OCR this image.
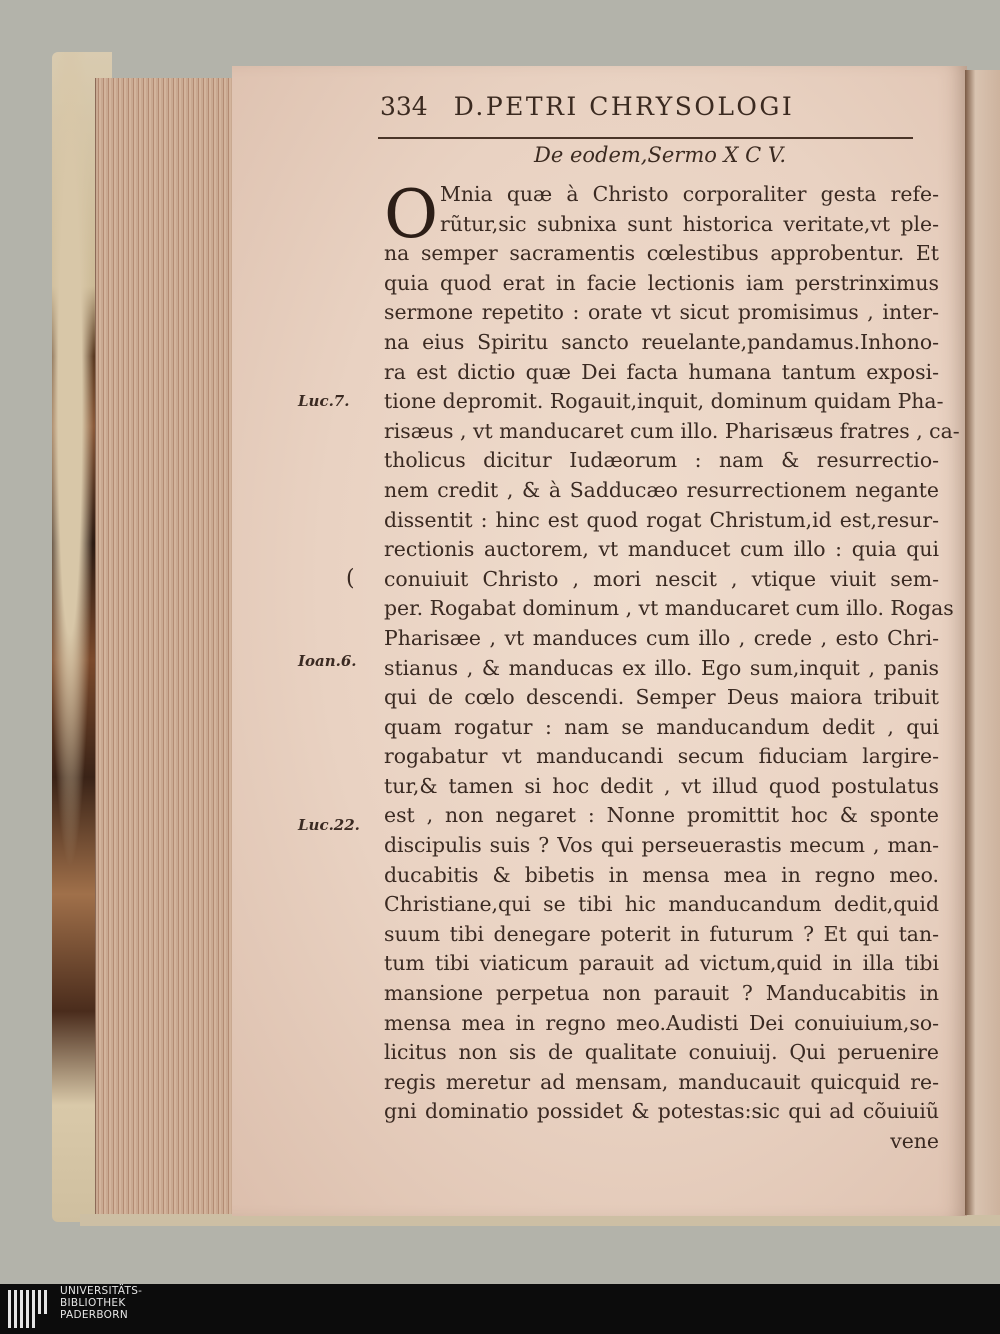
334 D.PETRI CHRYSOLOGI
De eodem,Sermo X C V.
O Mnia quæ à Christo corporaliter gesta refe-
rũtur,sic subnixa sunt historica veritate,vt ple-
na semper sacramentis cœlestibus approbentur. Et
quia quod erat in facie lectionis iam perstrinximus
sermone repetito : orate vt sicut promisimus , inter-
na eius Spiritu sancto reuelante,pandamus.Inhono-
ra est dictio quæ Dei facta humana tantum exposi-
tione depromit. Rogauit,inquit, dominum quidam Pha-
risæus , vt manducaret cum illo. Pharisæus fratres , ca-
tholicus dicitur Iudæorum : nam & resurrectio-
nem credit , & à Sadducæo resurrectionem negante
dissentit : hinc est quod rogat Christum,id est,resur-
rectionis auctorem, vt manducet cum illo : quia qui
conuiuit Christo , mori nescit , vtique viuit sem-
per. Rogabat dominum , vt manducaret cum illo. Rogas
Pharisæe , vt manduces cum illo , crede , esto Chri-
stianus , & manducas ex illo. Ego sum,inquit , panis
qui de cœlo descendi. Semper Deus maiora tribuit
quam rogatur : nam se manducandum dedit , qui
rogabatur vt manducandi secum fiduciam largire-
tur,& tamen si hoc dedit , vt illud quod postulatus
est , non negaret : Nonne promittit hoc & sponte
discipulis suis ? Vos qui perseuerastis mecum , man-
ducabitis & bibetis in mensa mea in regno meo.
Christiane,qui se tibi hic manducandum dedit,quid
suum tibi denegare poterit in futurum ? Et qui tan-
tum tibi viaticum parauit ad victum,quid in illa tibi
mansione perpetua non parauit ? Manducabitis in
mensa mea in regno meo.Audisti Dei conuiuium,so-
licitus non sis de qualitate conuiuij. Qui peruenire
regis meretur ad mensam, manducauit quicquid re-
gni dominatio possidet & potestas:sic qui ad cõuiuiũ
vene
Luc.7.
Ioan.6.
Luc.22.
(
UNIVERSITÄTS-
BIBLIOTHEK
PADERBORN
